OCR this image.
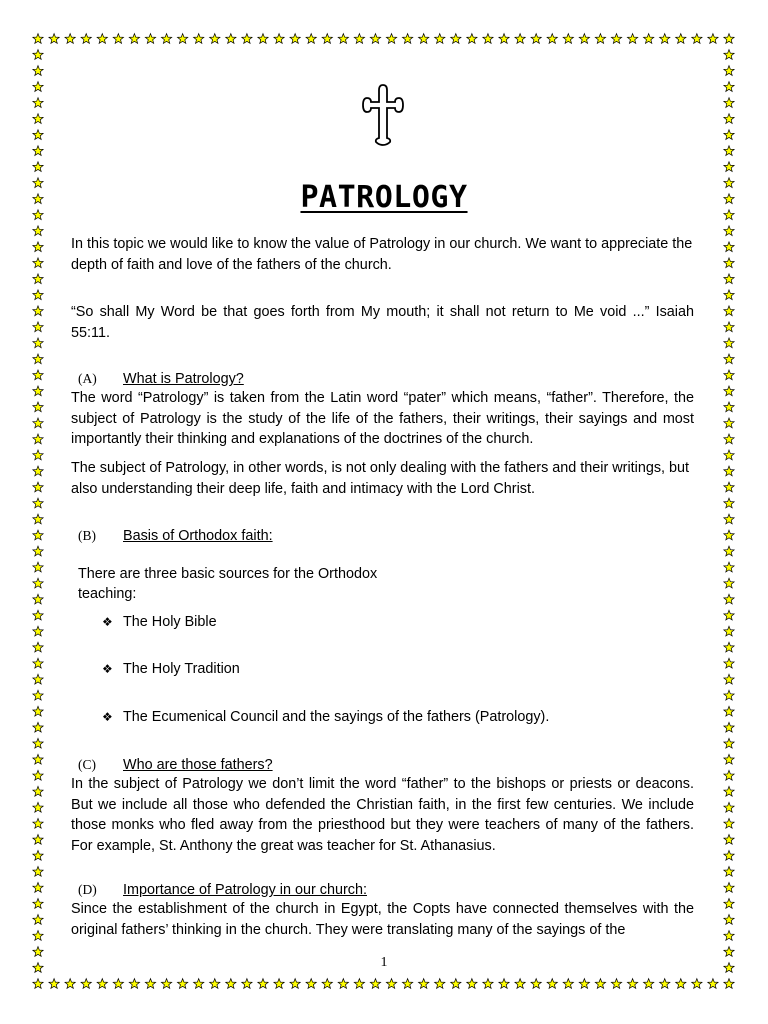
PATROLOGY

In this topic we would like to know the value of Patrology in our church. We want to appreciate the depth of faith and love of the fathers of the church.

“So shall My Word be that goes forth from My mouth; it shall not return to Me void ...” Isaiah 55:11.

(A) What is Patrology?

The word “Patrology” is taken from the Latin word “pater” which means, “father”. Therefore, the subject of Patrology is the study of the life of the fathers, their writings, their sayings and most importantly their thinking and explanations of the doctrines of the church.

The subject of Patrology, in other words, is not only dealing with the fathers and their writings, but also understanding their deep life, faith and intimacy with the Lord Christ.

(B) Basis of Orthodox faith:
There are three basic sources for the Orthodox
teaching:
❖ The Holy Bible
❖ The Holy Tradition
❖ The Ecumenical Council and the sayings of the fathers (Patrology).
(C) Who are those fathers?

In the subject of Patrology we don’t limit the word “father” to the bishops or priests or deacons. But we include all those who defended the Christian faith, in the first few centuries. We include those monks who fled away from the priesthood but they were teachers of many of the fathers. For example, St. Anthony the great was teacher for St. Athanasius.

(D) Importance of Patrology in our church:

Since the establishment of the church in Egypt, the Copts have connected themselves with the original fathers’ thinking in the church. They were translating many of the sayings of the

1
